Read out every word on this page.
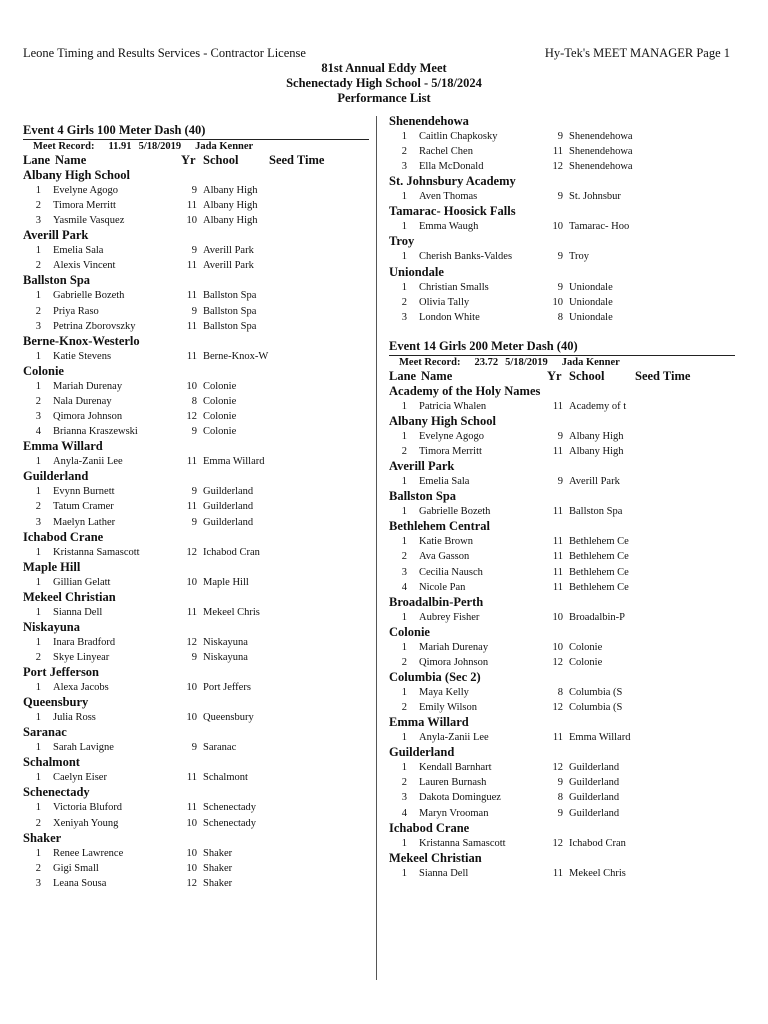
Leone Timing and Results Services - Contractor License	Hy-Tek's MEET MANAGER Page 1
81st Annual Eddy Meet
Schenectady High School - 5/18/2024
Performance List
Event 4 Girls 100 Meter Dash (40)
Meet Record: 11.91 5/18/2019 Jada Kenner
Lane Name	Yr School Seed Time
Albany High School
1 Evelyne Agogo	9 Albany High
2 Timora Merritt	11 Albany High
3 Yasmile Vasquez	10 Albany High
Averill Park
1 Emelia Sala	9 Averill Park
2 Alexis Vincent	11 Averill Park
Ballston Spa
1 Gabrielle Bozeth	11 Ballston Spa
2 Priya Raso	9 Ballston Spa
3 Petrina Zborovszky	11 Ballston Spa
Berne-Knox-Westerlo
1 Katie Stevens	11 Berne-Knox-W
Colonie
1 Mariah Durenay	10 Colonie
2 Nala Durenay	8 Colonie
3 Qimora Johnson	12 Colonie
4 Brianna Kraszewski	9 Colonie
Emma Willard
1 Anyla-Zanii Lee	11 Emma Willard
Guilderland
1 Evynn Burnett	9 Guilderland
2 Tatum Cramer	11 Guilderland
3 Maelyn Lather	9 Guilderland
Ichabod Crane
1 Kristanna Samascott	12 Ichabod Cran
Maple Hill
1 Gillian Gelatt	10 Maple Hill
Mekeel Christian
1 Sianna Dell	11 Mekeel Chris
Niskayuna
1 Inara Bradford	12 Niskayuna
2 Skye Linyear	9 Niskayuna
Port Jefferson
1 Alexa Jacobs	10 Port Jeffers
Queensbury
1 Julia Ross	10 Queensbury
Saranac
1 Sarah Lavigne	9 Saranac
Schalmont
1 Caelyn Eiser	11 Schalmont
Schenectady
1 Victoria Bluford	11 Schenectady
2 Xeniyah Young	10 Schenectady
Shaker
1 Renee Lawrence	10 Shaker
2 Gigi Small	10 Shaker
3 Leana Sousa	12 Shaker
Shenendehowa
1 Caitlin Chapkosky	9 Shenendehowa
2 Rachel Chen	11 Shenendehowa
3 Ella McDonald	12 Shenendehowa
St. Johnsbury Academy
1 Aven Thomas	9 St. Johnsbur
Tamarac- Hoosick Falls
1 Emma Waugh	10 Tamarac- Hoo
Troy
1 Cherish Banks-Valdes	9 Troy
Uniondale
1 Christian Smalls	9 Uniondale
2 Olivia Tally	10 Uniondale
3 London White	8 Uniondale
Event 14 Girls 200 Meter Dash (40)
Meet Record: 23.72 5/18/2019 Jada Kenner
Lane Name	Yr School Seed Time
Academy of the Holy Names
1 Patricia Whalen	11 Academy of t
Albany High School
1 Evelyne Agogo	9 Albany High
2 Timora Merritt	11 Albany High
Averill Park
1 Emelia Sala	9 Averill Park
Ballston Spa
1 Gabrielle Bozeth	11 Ballston Spa
Bethlehem Central
1 Katie Brown	11 Bethlehem Ce
2 Ava Gasson	11 Bethlehem Ce
3 Cecilia Nausch	11 Bethlehem Ce
4 Nicole Pan	11 Bethlehem Ce
Broadalbin-Perth
1 Aubrey Fisher	10 Broadalbin-P
Colonie
1 Mariah Durenay	10 Colonie
2 Qimora Johnson	12 Colonie
Columbia (Sec 2)
1 Maya Kelly	8 Columbia (S
2 Emily Wilson	12 Columbia (S
Emma Willard
1 Anyla-Zanii Lee	11 Emma Willard
Guilderland
1 Kendall Barnhart	12 Guilderland
2 Lauren Burnash	9 Guilderland
3 Dakota Dominguez	8 Guilderland
4 Maryn Vrooman	9 Guilderland
Ichabod Crane
1 Kristanna Samascott	12 Ichabod Cran
Mekeel Christian
1 Sianna Dell	11 Mekeel Chris
